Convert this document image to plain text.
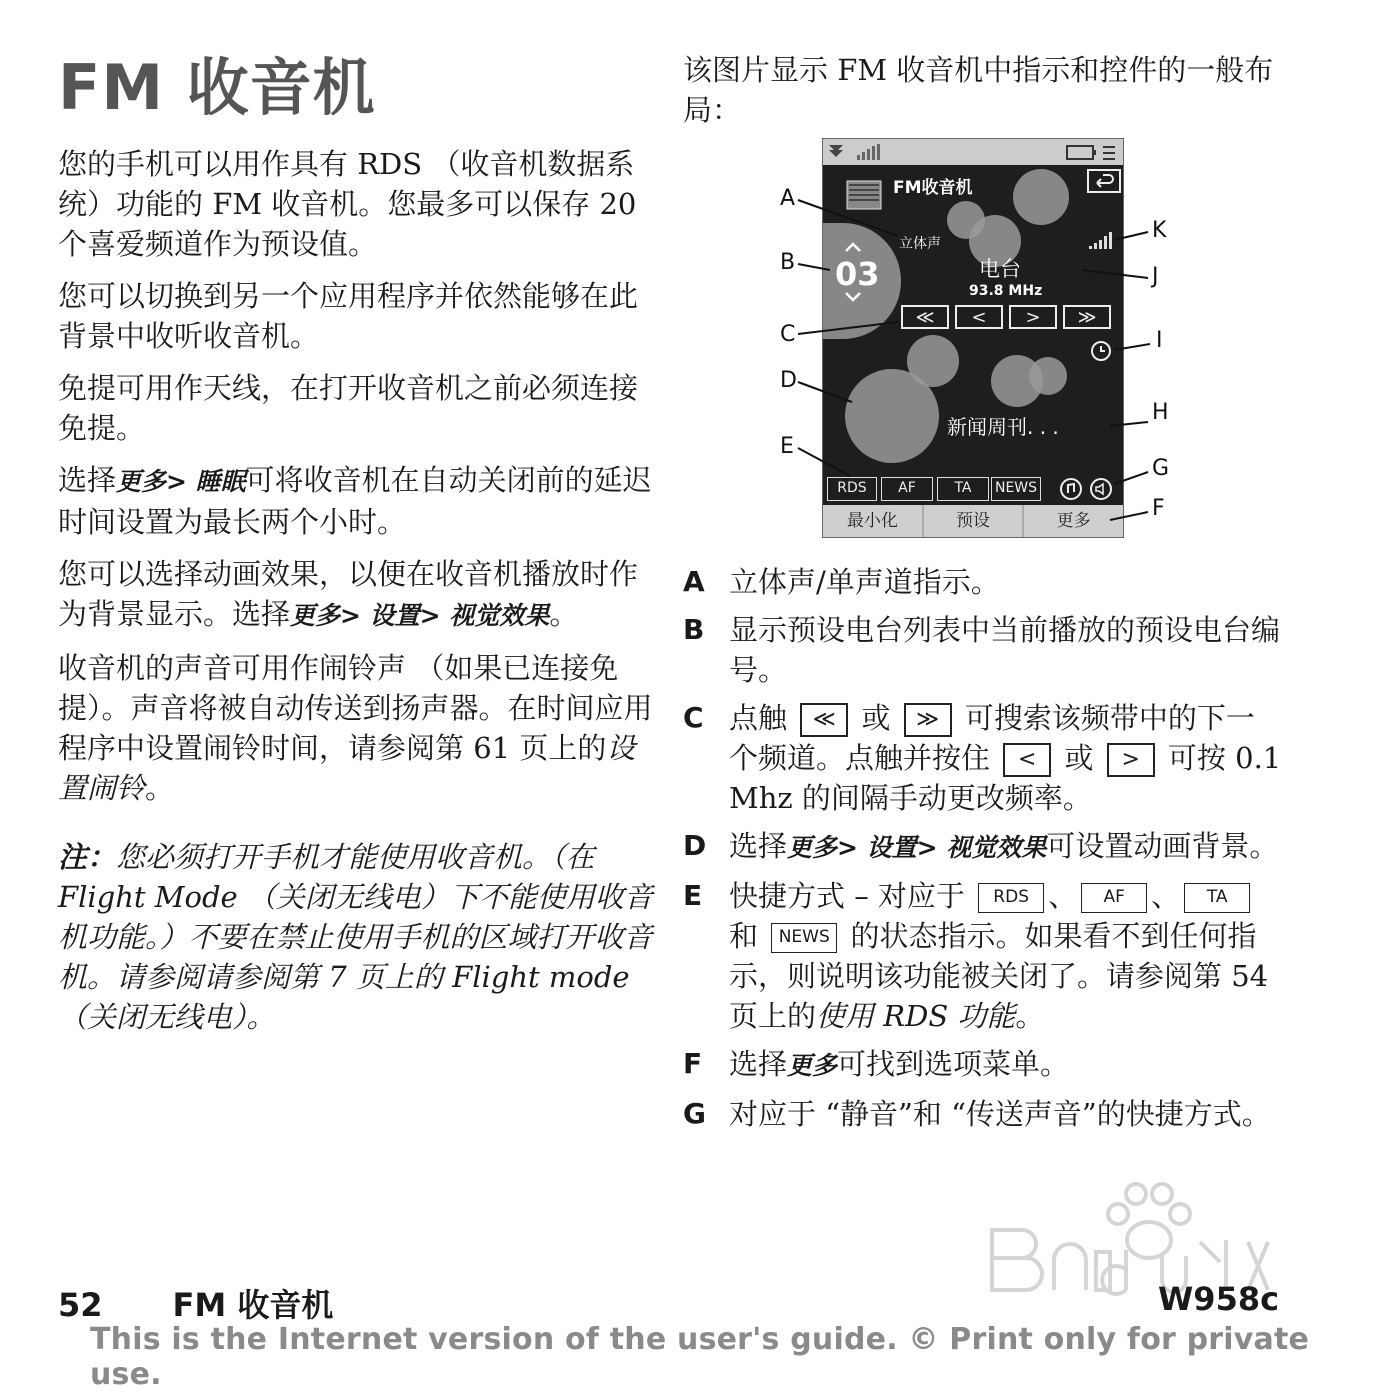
FM 收音机

您的手机可以用作具有 RDS （收音机数据系统）功能的 FM 收音机。您最多可以保存 20 个喜爱频道作为预设值。

您可以切换到另一个应用程序并依然能够在此背景中收听收音机。

免提可用作天线，在打开收音机之前必须连接免提。

选择更多> 睡眠可将收音机在自动关闭前的延迟时间设置为最长两个小时。

您可以选择动画效果，以便在收音机播放时作为背景显示。选择更多> 设置> 视觉效果。

收音机的声音可用作闹铃声 （如果已连接免提）。声音将被自动传送到扬声器。在时间应用程序中设置闹铃时间，请参阅第 61 页上的设置闹铃。

注：您必须打开手机才能使用收音机。（在 Flight Mode （关闭无线电）下不能使用收音机功能。）不要在禁止使用手机的区域打开收音机。请参阅请参阅第 7 页上的 Flight mode （关闭无线电）。

该图片显示 FM 收音机中指示和控件的一般布局：

FM收音机
立体声
03	电台
93.8 MHz
≪	<	>	≫
新闻周刊. . .
RDS	AF	TA	NEWS
最小化	预设	更多
A
B
C
D
E
F
G
H
I
J
K
A 立体声/单声道指示。
B 显示预设电台列表中当前播放的预设电台编号。
C 点触 ≪ 或 ≫ 可搜索该频带中的下一个频道。点触并按住 < 或 > 可按 0.1 Mhz 的间隔手动更改频率。
D 选择更多> 设置> 视觉效果可设置动画背景。
E 快捷方式 – 对应于 RDS 、 AF 、 TA 和 NEWS 的状态指示。如果看不到任何指示，则说明该功能被关闭了。请参阅第 54 页上的使用 RDS 功能。
F 选择更多可找到选项菜单。
G 对应于 “静音”和 “传送声音”的快捷方式。
52 FM 收音机	W958c
This is the Internet version of the user's guide. © Print only for private use.
